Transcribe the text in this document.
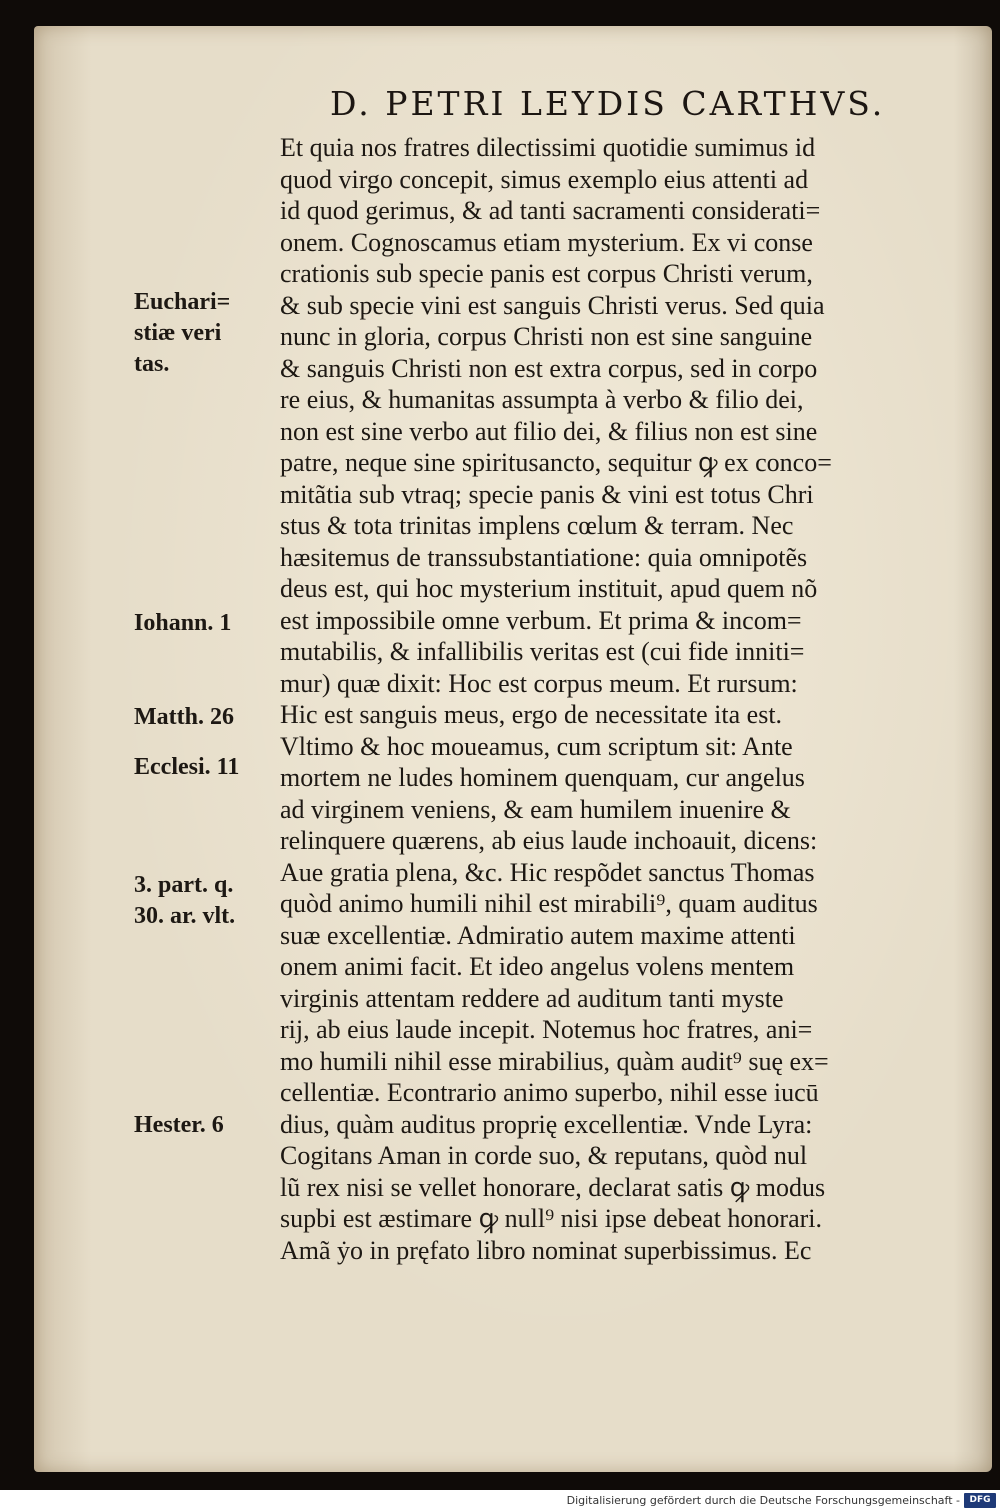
D. PETRI LEYDIS CARTHVS.
Et quia nos fratres dilectissimi quotidie sumimus id
quod virgo concepit, simus exemplo eius attenti ad
id quod gerimus, & ad tanti sacramenti considerati=
onem. Cognoscamus etiam mysterium. Ex vi conse
crationis sub specie panis est corpus Christi verum,
& sub specie vini est sanguis Christi verus. Sed quia
nunc in gloria, corpus Christi non est sine sanguine
& sanguis Christi non est extra corpus, sed in corpo
re eius, & humanitas assumpta à verbo & filio dei,
non est sine verbo aut filio dei, & filius non est sine
patre, neque sine spiritusancto, sequitur ꝙ ex conco=
mitãtia sub vtraq; specie panis & vini est totus Chri
stus & tota trinitas implens cœlum & terram. Nec
hæsitemus de transsubstantiatione: quia omnipotẽs
deus est, qui hoc mysterium instituit, apud quem nõ
est impossibile omne verbum. Et prima & incom=
mutabilis, & infallibilis veritas est (cui fide inniti=
mur) quæ dixit: Hoc est corpus meum. Et rursum:
Hic est sanguis meus, ergo de necessitate ita est.
Vltimo & hoc moueamus, cum scriptum sit: Ante
mortem ne ludes hominem quenquam, cur angelus
ad virginem veniens, & eam humilem inuenire &
relinquere quærens, ab eius laude inchoauit, dicens:
Aue gratia plena, &c. Hic respõdet sanctus Thomas
quòd animo humili nihil est mirabili⁹, quam auditus
suæ excellentiæ. Admiratio autem maxime attenti
onem animi facit. Et ideo angelus volens mentem
virginis attentam reddere ad auditum tanti myste
rij, ab eius laude incepit. Notemus hoc fratres, ani=
mo humili nihil esse mirabilius, quàm audit⁹ suę ex=
cellentiæ. Econtrario animo superbo, nihil esse iucū
dius, quàm auditus proprię excellentiæ. Vnde Lyra:
Cogitans Aman in corde suo, & reputans, quòd nul
lũ rex nisi se vellet honorare, declarat satis ꝙ modus
supbi est æstimare ꝙ null⁹ nisi ipse debeat honorari.
Amã ẏo in pręfato libro nominat superbissimus. Ec
Euchari=
stiæ veri
tas.
Iohann. 1
Matth. 26
Ecclesi. 11
3. part. q.
30. ar. vlt.
Hester. 6
Digitalisierung gefördert durch die Deutsche Forschungsgemeinschaft -	DFG
